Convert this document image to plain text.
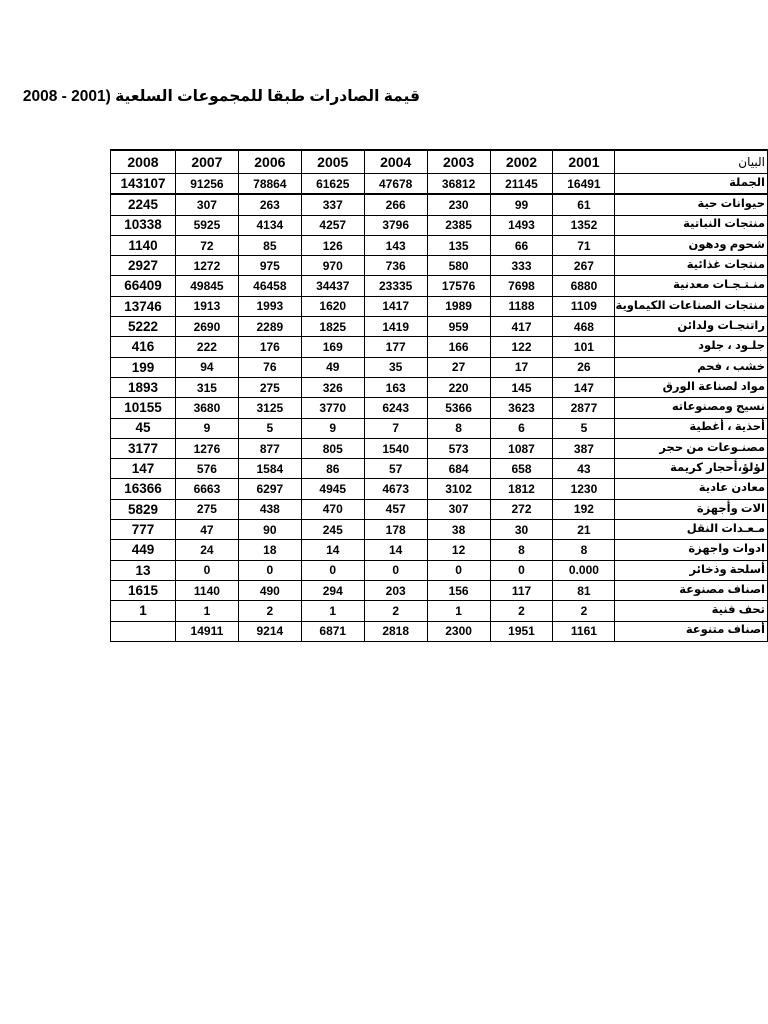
قيمة الصادرات طبقا للمجموعات السلعية (2001 - 2008
2008	2007	2006	2005	2004	2003	2002	2001	البيان
143107	91256	78864	61625	47678	36812	21145	16491	الجملة
2245	307	263	337	266	230	99	61	حيوانات حية
10338	5925	4134	4257	3796	2385	1493	1352	منتجات النباتية
1140	72	85	126	143	135	66	71	شحوم ودهون
2927	1272	975	970	736	580	333	267	منتجات غذائية
66409	49845	46458	34437	23335	17576	7698	6880	منـتـجـات معدنية
13746	1913	1993	1620	1417	1989	1188	1109	منتجات الصناعات الكيماوية
5222	2690	2289	1825	1419	959	417	468	راتنجـات ولدائن
416	222	176	169	177	166	122	101	جلـود ، جلود
199	94	76	49	35	27	17	26	خشب ، فحم
1893	315	275	326	163	220	145	147	مواد لصناعة الورق
10155	3680	3125	3770	6243	5366	3623	2877	نسيج ومصنوعاته
45	9	5	9	7	8	6	5	أحذية ، أغطية
3177	1276	877	805	1540	573	1087	387	مصنـوعات من حجر
147	576	1584	86	57	684	658	43	لؤلؤ،أحجار كريمة
16366	6663	6297	4945	4673	3102	1812	1230	معادن عادية
5829	275	438	470	457	307	272	192	الات وأجهزة
777	47	90	245	178	38	30	21	مـعـدات النقل
449	24	18	14	14	12	8	8	ادوات واجهزة
13	0	0	0	0	0	0	0.000	أسلحة وذخائر
1615	1140	490	294	203	156	117	81	اصناف مصنوعة
1	1	2	1	2	1	2	2	تحف فنية
	14911	9214	6871	2818	2300	1951	1161	أصناف متنوعة
